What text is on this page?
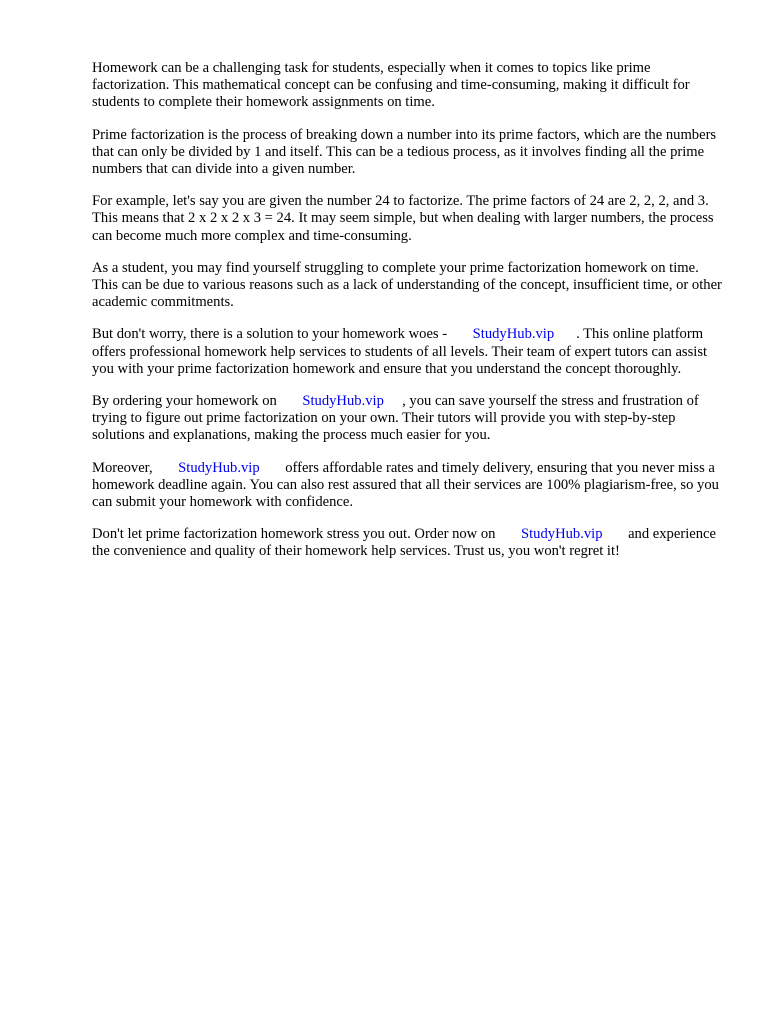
Homework can be a challenging task for students, especially when it comes to topics like prime factorization. This mathematical concept can be confusing and time-consuming, making it difficult for students to complete their homework assignments on time.

Prime factorization is the process of breaking down a number into its prime factors, which are the numbers that can only be divided by 1 and itself. This can be a tedious process, as it involves finding all the prime numbers that can divide into a given number.

For example, let's say you are given the number 24 to factorize. The prime factors of 24 are 2, 2, 2, and 3. This means that 2 x 2 x 2 x 3 = 24. It may seem simple, but when dealing with larger numbers, the process can become much more complex and time-consuming.

As a student, you may find yourself struggling to complete your prime factorization homework on time. This can be due to various reasons such as a lack of understanding of the concept, insufficient time, or other academic commitments.

But don't worry, there is a solution to your homework woes - StudyHub.vip . This online platform offers professional homework help services to students of all levels. Their team of expert tutors can assist you with your prime factorization homework and ensure that you understand the concept thoroughly.

By ordering your homework on StudyHub.vip , you can save yourself the stress and frustration of trying to figure out prime factorization on your own. Their tutors will provide you with step-by-step solutions and explanations, making the process much easier for you.

Moreover, StudyHub.vip offers affordable rates and timely delivery, ensuring that you never miss a homework deadline again. You can also rest assured that all their services are 100% plagiarism-free, so you can submit your homework with confidence.

Don't let prime factorization homework stress you out. Order now on StudyHub.vip and experience the convenience and quality of their homework help services. Trust us, you won't regret it!
